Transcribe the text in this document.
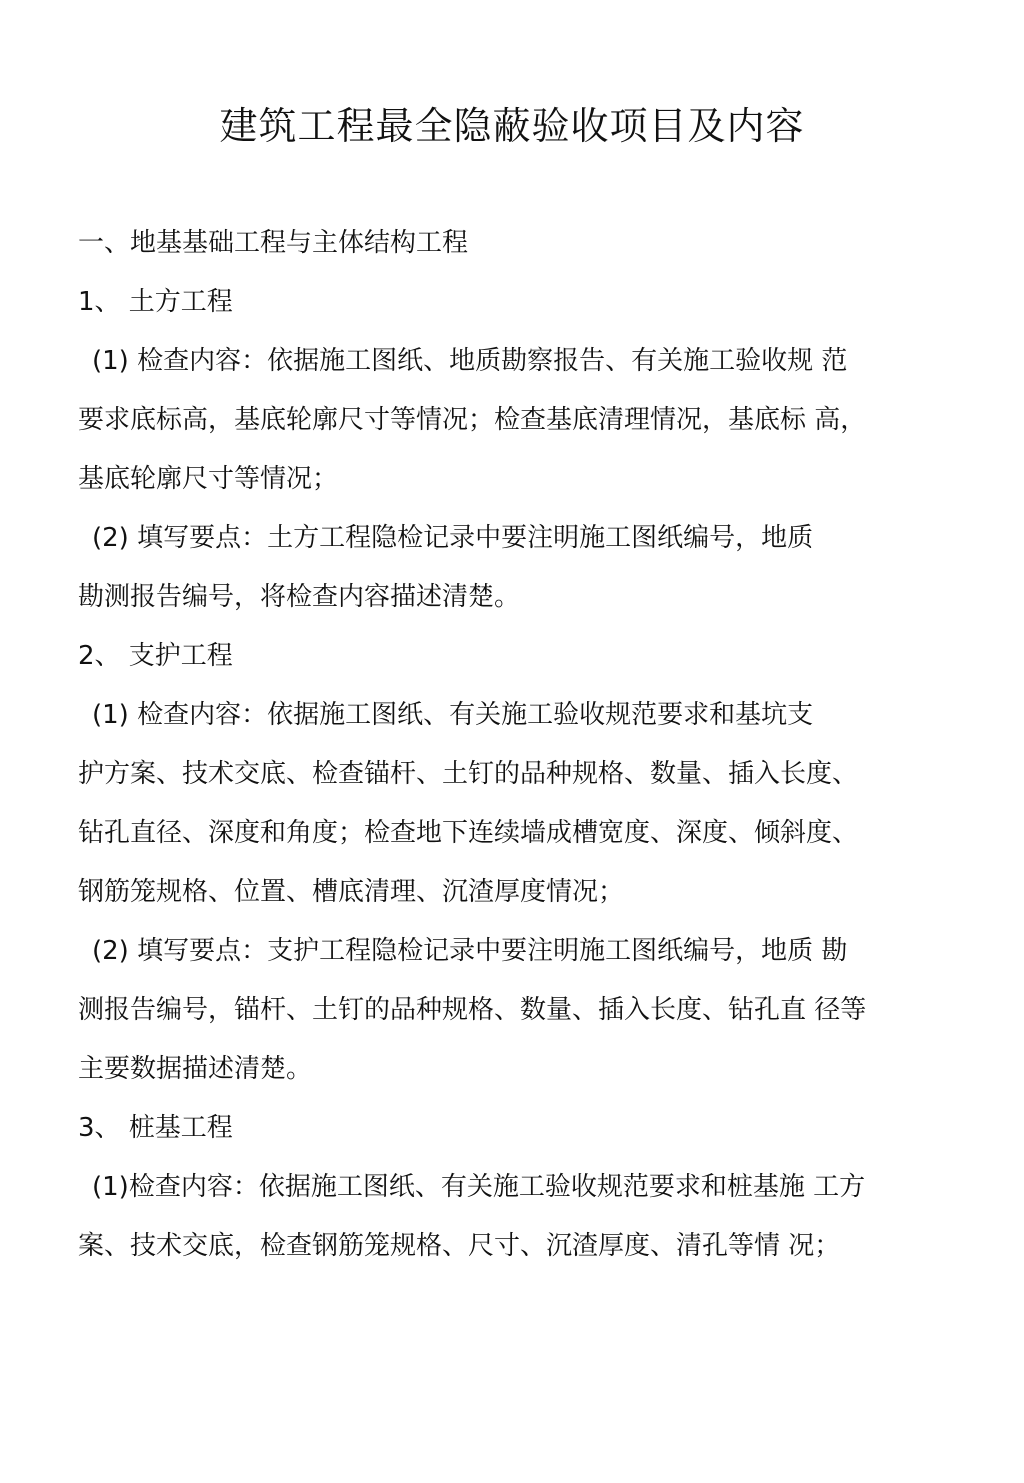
建筑工程最全隐蔽验收项目及内容
一、地基基础工程与主体结构工程
1、 土方工程
(1) 检查内容：依据施工图纸、地质勘察报告、有关施工验收规 范
要求底标高，基底轮廓尺寸等情况；检查基底清理情况，基底标 高，
基底轮廓尺寸等情况；
(2) 填写要点：土方工程隐检记录中要注明施工图纸编号，地质
勘测报告编号，将检查内容描述清楚。
2、 支护工程
(1) 检查内容：依据施工图纸、有关施工验收规范要求和基坑支
护方案、技术交底、检查锚杆、土钉的品种规格、数量、插入长度、
钻孔直径、深度和角度；检查地下连续墙成槽宽度、深度、倾斜度、
钢筋笼规格、位置、槽底清理、沉渣厚度情况；
(2) 填写要点：支护工程隐检记录中要注明施工图纸编号，地质 勘
测报告编号，锚杆、土钉的品种规格、数量、插入长度、钻孔直 径等
主要数据描述清楚。
3、 桩基工程
(1)检查内容：依据施工图纸、有关施工验收规范要求和桩基施 工方
案、技术交底，检查钢筋笼规格、尺寸、沉渣厚度、清孔等情 况；
